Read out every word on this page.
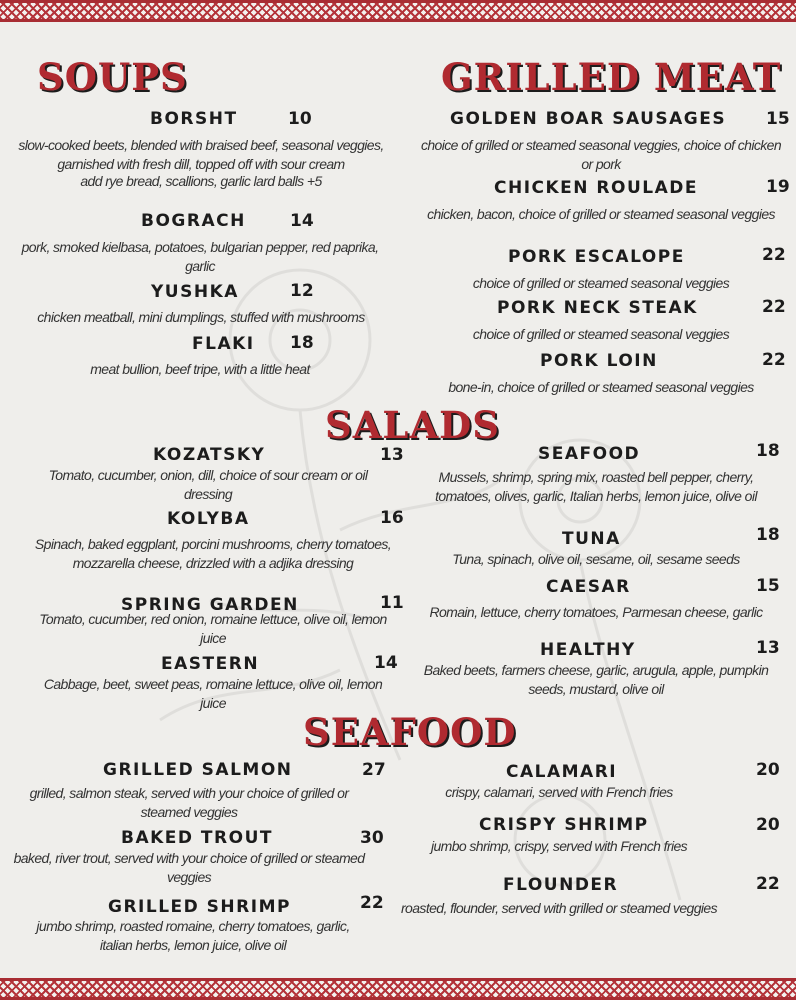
SOUPS	GRILLED MEAT
SALADS
SEAFOOD
BORSHT	10
slow-cooked beets, blended with braised beef, seasonal veggies, garnished with fresh dill, topped off with sour cream
add rye bread, scallions, garlic lard balls +5
BOGRACH	14
pork, smoked kielbasa, potatoes, bulgarian pepper, red paprika, garlic
YUSHKA	12
chicken meatball, mini dumplings, stuffed with mushrooms
FLAKI 18
meat bullion, beef tripe, with a little heat
GOLDEN BOAR SAUSAGES 15
choice of grilled or steamed seasonal veggies, choice of chicken or pork
CHICKEN ROULADE	19
chicken, bacon, choice of grilled or steamed seasonal veggies
PORK ESCALOPE	22
choice of grilled or steamed seasonal veggies
PORK NECK STEAK	22
choice of grilled or steamed seasonal veggies
PORK LOIN	22
bone-in, choice of grilled or steamed seasonal veggies
KOZATSKY	13
Tomato, cucumber, onion, dill, choice of sour cream or oil dressing
KOLYBA	16
Spinach, baked eggplant, porcini mushrooms, cherry tomatoes, mozzarella cheese, drizzled with a adjika dressing
SPRING GARDEN	11
Tomato, cucumber, red onion, romaine lettuce, olive oil, lemon juice
EASTERN	14
Cabbage, beet, sweet peas, romaine lettuce, olive oil, lemon juice
SEAFOOD	18
Mussels, shrimp, spring mix, roasted bell pepper, cherry, tomatoes, olives, garlic, Italian herbs, lemon juice, olive oil
TUNA	18
Tuna, spinach, olive oil, sesame, oil, sesame seeds
CAESAR	15
Romain, lettuce, cherry tomatoes, Parmesan cheese, garlic
HEALTHY	13
Baked beets, farmers cheese, garlic, arugula, apple, pumpkin seeds, mustard, olive oil
GRILLED SALMON	27
grilled, salmon steak, served with your choice of grilled or steamed veggies
BAKED TROUT	30
baked, river trout, served with your choice of grilled or steamed veggies
GRILLED SHRIMP	22
jumbo shrimp, roasted romaine, cherry tomatoes, garlic, italian herbs, lemon juice, olive oil
CALAMARI	20
crispy, calamari, served with French fries
CRISPY SHRIMP	20
jumbo shrimp, crispy, served with French fries
FLOUNDER	22
roasted, flounder, served with grilled or steamed veggies
